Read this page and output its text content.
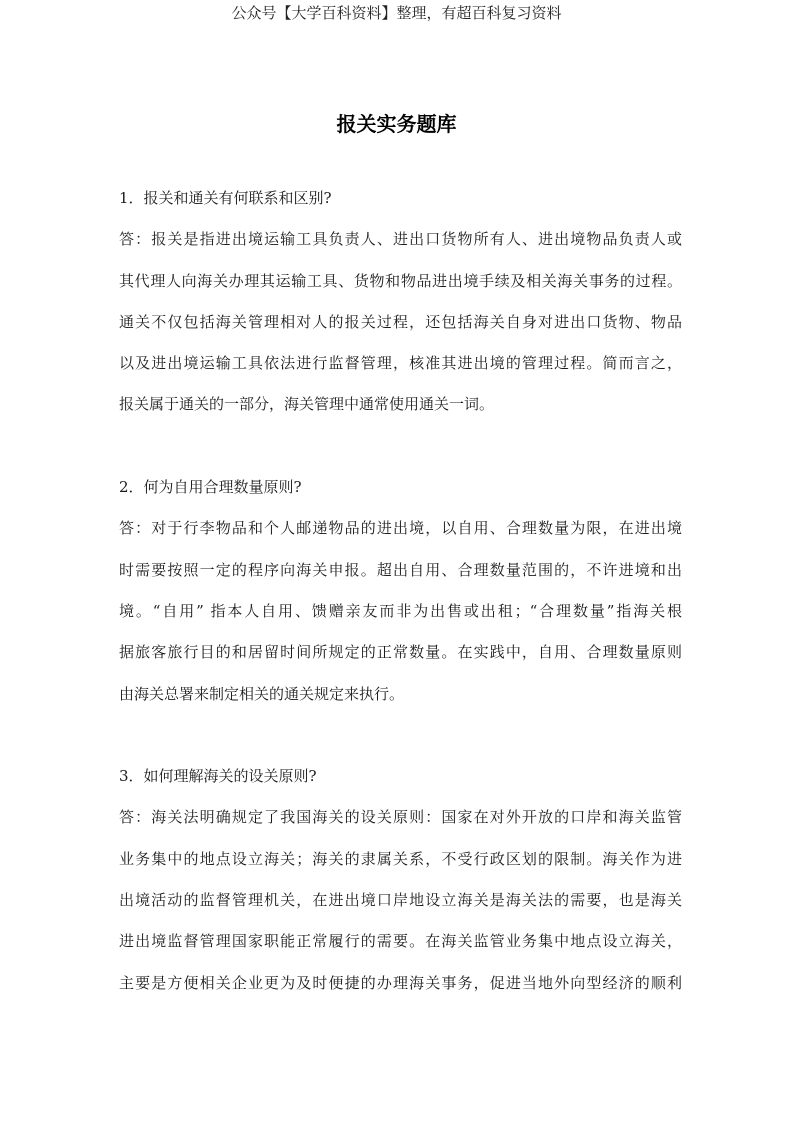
公众号【大学百科资料】整理，有超百科复习资料
报关实务题库
1．报关和通关有何联系和区别?
答：报关是指进出境运输工具负责人、进出口货物所有人、进出境物品负责人或
其代理人向海关办理其运输工具、货物和物品进出境手续及相关海关事务的过程。
通关不仅包括海关管理相对人的报关过程，还包括海关自身对进出口货物、物品
以及进出境运输工具依法进行监督管理，核准其进出境的管理过程。简而言之，
报关属于通关的一部分，海关管理中通常使用通关一词。
2．何为自用合理数量原则?
答：对于行李物品和个人邮递物品的进出境，以自用、合理数量为限，在进出境
时需要按照一定的程序向海关申报。超出自用、合理数量范围的，不许进境和出
境。“自用” 指本人自用、馈赠亲友而非为出售或出租；“合理数量”指海关根
据旅客旅行目的和居留时间所规定的正常数量。在实践中，自用、合理数量原则
由海关总署来制定相关的通关规定来执行。
3．如何理解海关的设关原则?
答：海关法明确规定了我国海关的设关原则：国家在对外开放的口岸和海关监管
业务集中的地点设立海关；海关的隶属关系，不受行政区划的限制。海关作为进
出境活动的监督管理机关，在进出境口岸地设立海关是海关法的需要，也是海关
进出境监督管理国家职能正常履行的需要。在海关监管业务集中地点设立海关，
主要是方便相关企业更为及时便捷的办理海关事务，促进当地外向型经济的顺利
